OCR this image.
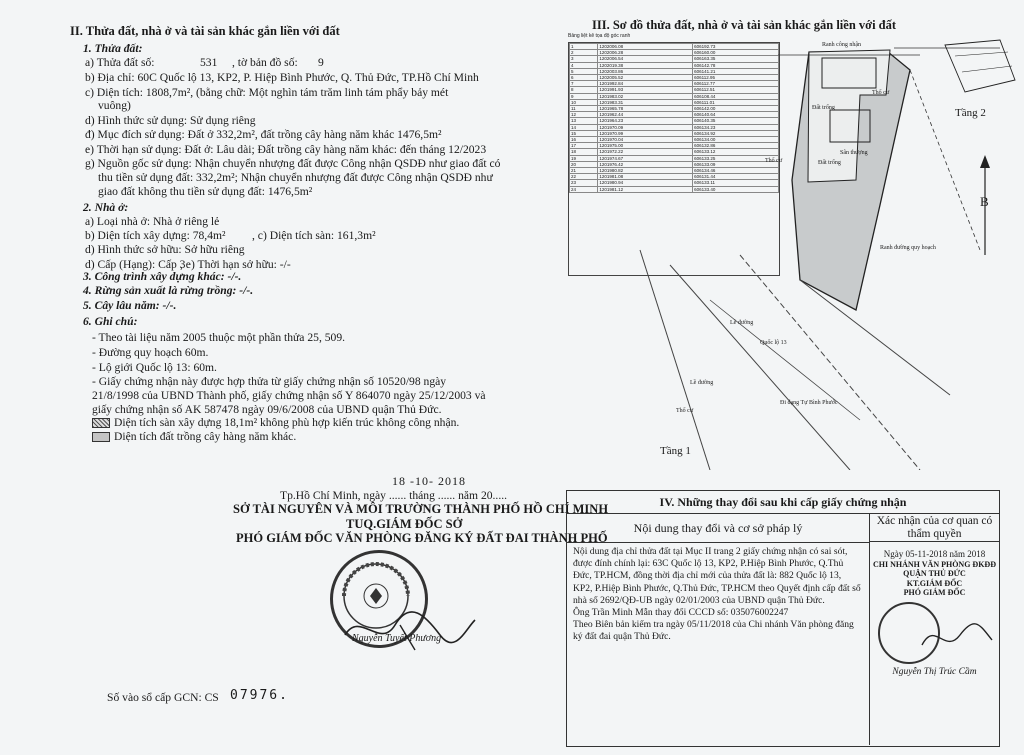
II. Thửa đất, nhà ở và tài sản khác gắn liền với đất
1. Thửa đất:
a) Thửa đất số:	531 , tờ bản đồ số: 9
b) Địa chỉ: 60C Quốc lộ 13, KP2, P. Hiệp Bình Phước, Q. Thủ Đức, TP.Hồ Chí Minh
c) Diện tích: 1808,7m², (bằng chữ: Một nghìn tám trăm linh tám phẩy bảy mét
vuông)
d) Hình thức sử dụng: Sử dụng riêng
đ) Mục đích sử dụng: Đất ở 332,2m², đất trồng cây hàng năm khác 1476,5m²
e) Thời hạn sử dụng: Đất ở: Lâu dài; Đất trồng cây hàng năm khác: đến tháng 12/2023
g) Nguồn gốc sử dụng: Nhận chuyển nhượng đất được Công nhận QSDĐ như giao đất có
thu tiền sử dụng đất: 332,2m²; Nhận chuyển nhượng đất được Công nhận QSDĐ như
giao đất không thu tiền sử dụng đất: 1476,5m²
2. Nhà ở:
a) Loại nhà ở: Nhà ở riêng lẻ
b) Diện tích xây dựng: 78,4m² , c) Diện tích sàn: 161,3m²
d) Hình thức sở hữu: Sở hữu riêng
d) Cấp (Hạng): Cấp 3
, e) Thời hạn sở hữu: -/-
3. Công trình xây dựng khác: -/-.
4. Rừng sản xuất là rừng trồng: -/-.
5. Cây lâu năm: -/-.
6. Ghi chú:
- Theo tài liệu năm 2005 thuộc một phần thửa 25, 509.
- Đường quy hoạch 60m.
- Lộ giới Quốc lộ 13: 60m.
- Giấy chứng nhận này được hợp thửa từ giấy chứng nhận số 10520/98 ngày
21/8/1998 của UBND Thành phố, giấy chứng nhận số Y 864070 ngày 25/12/2003 và
giấy chứng nhận số AK 587478 ngày 09/6/2008 của UBND quận Thủ Đức.
Diện tích sàn xây dựng 18,1m² không phù hợp kiến trúc không công nhận.
Diện tích đất trồng cây hàng năm khác.
18 -10- 2018
Tp.Hồ Chí Minh, ngày ...... tháng ...... năm 20.....
SỞ TÀI NGUYÊN VÀ MÔI TRƯỜNG THÀNH PHỐ HỒ CHÍ MINH
TUQ.GIÁM ĐỐC SỞ
PHÓ GIÁM ĐỐC VĂN PHÒNG ĐĂNG KÝ ĐẤT ĐAI THÀNH PHỐ
Nguyễn Tuyết Phương
Số vào sổ cấp GCN: CS 07976.
III. Sơ đồ thửa đất, nhà ở và tài sản khác gắn liền với đất
Bảng liệt kê tọa độ góc ranh
1	1202006.08	606192.73
2	1202006.28	606160.00
3	1202006.54	606163.35
4	1202019.38	606142.78
5	1202003.86	606141.21
6	1202005.52	606112.95
7	1201992.84	606112.77
8	1201991.93	606112.51
9	1201983.02	606108.44
10	1201983.31	606111.01
11	1201965.78	606142.00
12	1201962.44	606140.64
13	1201964.23	606140.35
14	1201970.09	606134.23
15	1201970.99	606134.92
16	1201970.04	606134.00
17	1201975.00	606132.86
18	1201972.22	606133.12
19	1201974.67	606133.25
20	1201976.42	606133.09
21	1201980.82	606134.46
22	1201981.08	606131.44
23	1201980.94	606133.11
24	1201981.12	606133.40
Tầng 2
Tầng 1
B
Thổ cư
Thổ cư
Thổ cư
Ranh công nhận
Đất trống
Đất trống
Sân thượng
Ranh đường quy hoạch
Lề đường
Lề đường
Quốc lộ 13
Đi dạng Tự Bình Phước
IV. Những thay đổi sau khi cấp giấy chứng nhận
Nội dung thay đổi và cơ sở pháp lý
Nội dung địa chỉ thửa đất tại Mục II trang 2 giấy chứng nhận có sai sót, được đính chính lại: 63C Quốc lộ 13, KP2, P.Hiệp Bình Phước, Q.Thủ Đức, TP.HCM, đồng thời địa chỉ mới của thửa đất là: 882 Quốc lộ 13, KP2, P.Hiệp Bình Phước, Q.Thủ Đức, TP.HCM theo Quyết định cấp đất số nhà số 2692/QĐ-UB ngày 02/01/2003 của UBND quận Thủ Đức.
Ông Trần Minh Mẫn thay đổi CCCD số: 035076002247
Theo Biên bản kiểm tra ngày 05/11/2018 của Chi nhánh Văn phòng đăng ký đất đai quận Thủ Đức.
Xác nhận của cơ quan có thẩm quyền
Ngày 05-11-2018 năm 2018
CHI NHÁNH VĂN PHÒNG ĐKĐĐ
QUẬN THỦ ĐỨC
KT.GIÁM ĐỐC
PHÓ GIÁM ĐỐC
Nguyễn Thị Trúc Cầm
